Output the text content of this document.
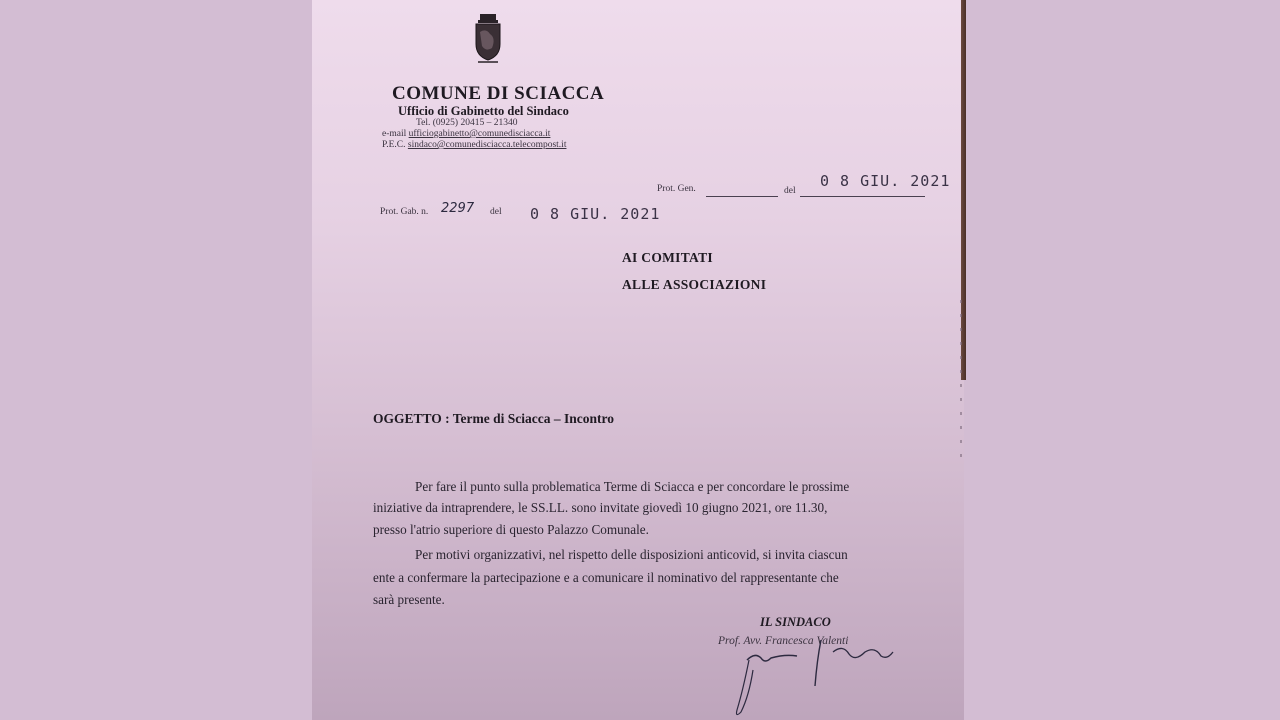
COMUNE DI SCIACCA
Ufficio di Gabinetto del Sindaco
Tel. (0925) 20415 – 21340
e-mail ufficiogabinetto@comunedisciacca.it
P.E.C. sindaco@comunedisciacca.telecompost.it
Prot. Gen.	del
0 8 GIU. 2021
Prot. Gab. n. 2297 del 0 8 GIU. 2021
AI COMITATI
ALLE ASSOCIAZIONI
OGGETTO : Terme di Sciacca – Incontro
Per fare il punto sulla problematica Terme di Sciacca e per concordare le prossime
iniziative da intraprendere, le SS.LL. sono invitate giovedì 10 giugno 2021, ore 11.30,
presso l'atrio superiore di questo Palazzo Comunale.
Per motivi organizzativi, nel rispetto delle disposizioni anticovid, si invita ciascun
ente a confermare la partecipazione e a comunicare il nominativo del rappresentante che
sarà presente.
IL SINDACO
Prof. Avv. Francesca Valenti
